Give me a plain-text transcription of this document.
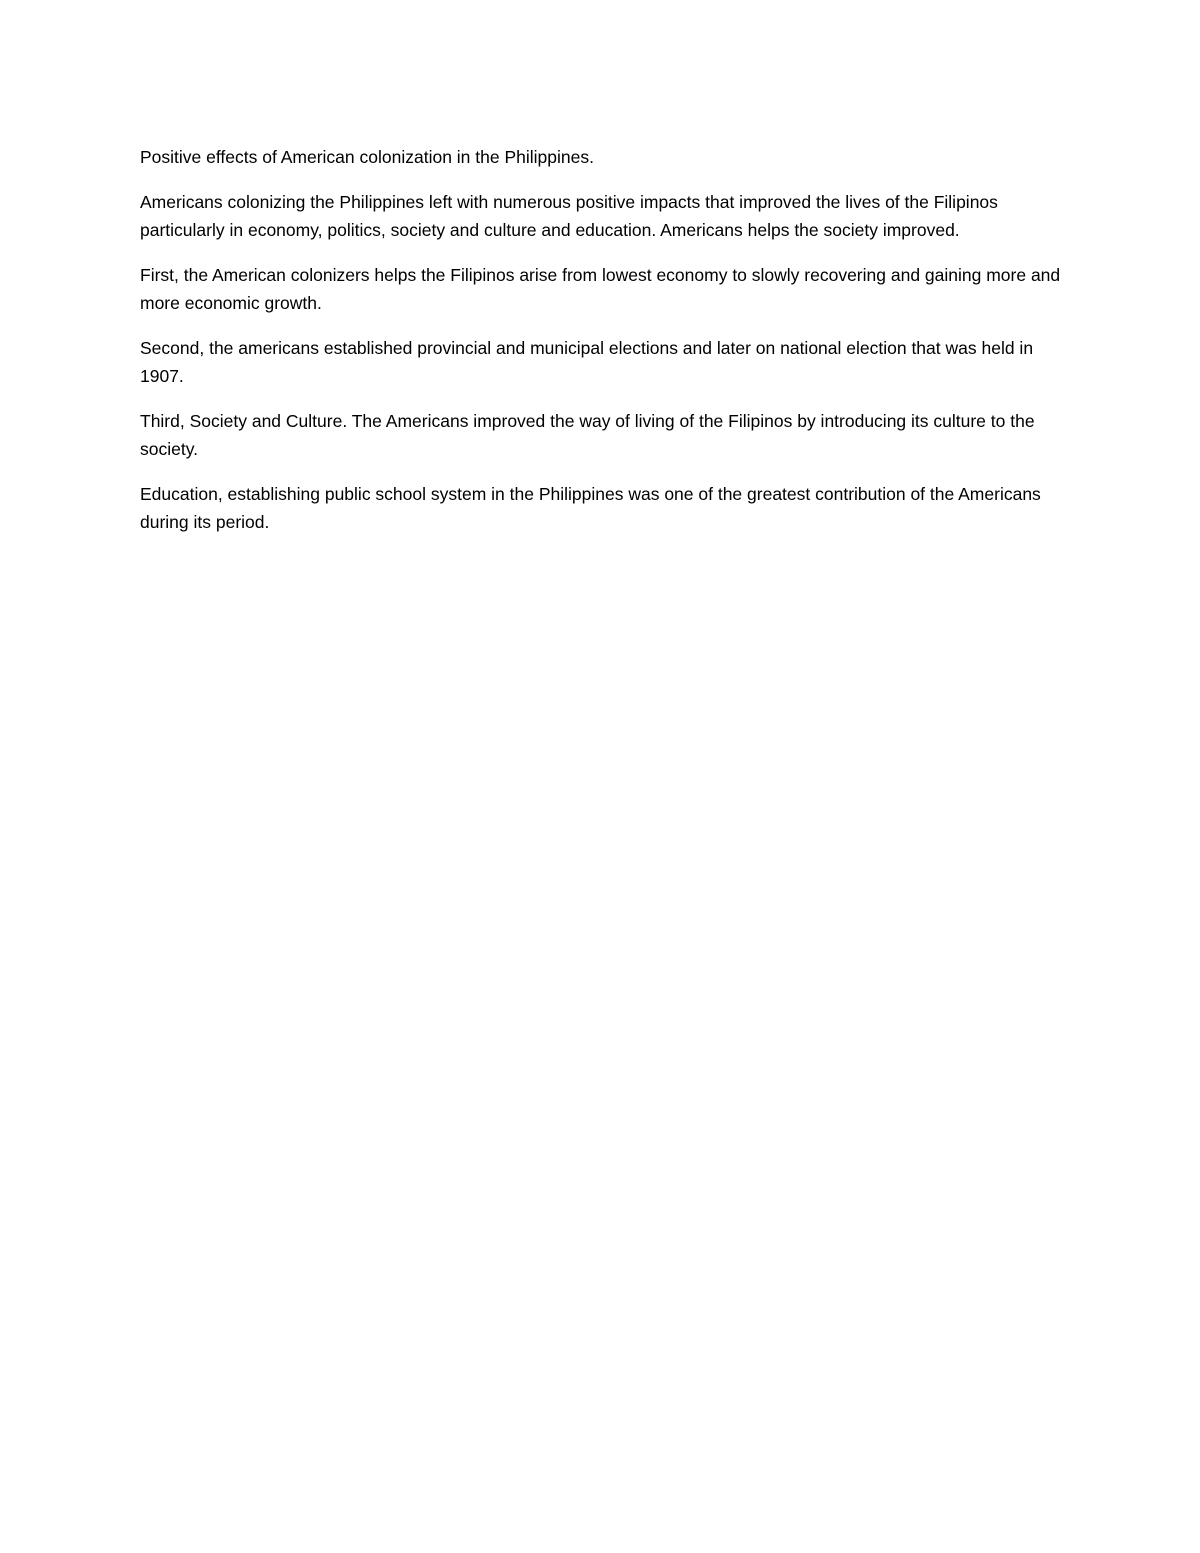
Positive effects of American colonization in the Philippines.

Americans colonizing the Philippines left with numerous positive impacts that improved the lives of the Filipinos particularly in economy, politics, society and culture and education. Americans helps the society improved.

First, the American colonizers helps the Filipinos arise from lowest economy to slowly recovering and gaining more and more economic growth.

Second, the americans established provincial and municipal elections and later on national election that was held in 1907.

Third, Society and Culture. The Americans improved the way of living of the Filipinos by introducing its culture to the society.

Education, establishing public school system in the Philippines was one of the greatest contribution of the Americans during its period.
